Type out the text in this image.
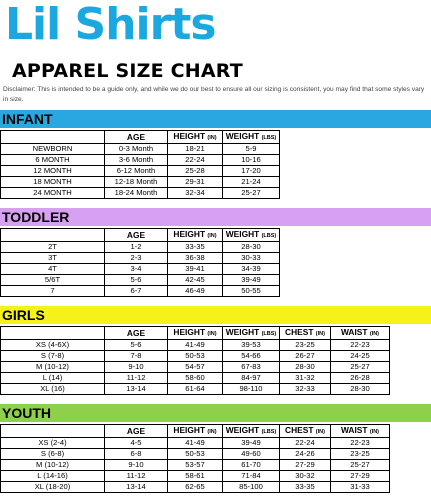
Lil Shirts
APPAREL SIZE CHART
Disclaimer: This is intended to be a guide only, and while we do our best to ensure all our sizing is consistent, you may find that some styles vary in size.
INFANT
	AGE	HEIGHT (IN)	WEIGHT (LBS)
NEWBORN	0-3 Month	18-21	5-9
6 MONTH	3-6 Month	22-24	10-16
12 MONTH	6-12 Month	25-28	17-20
18 MONTH	12-18 Month	29-31	21-24
24 MONTH	18-24 Month	32-34	25-27
TODDLER
	AGE	HEIGHT (IN)	WEIGHT (LBS)
2T	1-2	33-35	28-30
3T	2-3	36-38	30-33
4T	3-4	39-41	34-39
5/6T	5-6	42-45	39-49
7	6-7	46-49	50-55
GIRLS
	AGE	HEIGHT (IN)	WEIGHT (LBS)	CHEST (IN)	WAIST (IN)
XS (4-6X)	5-6	41-49	39-53	23-25	22-23
S (7-8)	7-8	50-53	54-66	26-27	24-25
M (10-12)	9-10	54-57	67-83	28-30	25-27
L (14)	11-12	58-60	84-97	31-32	26-28
XL (16)	13-14	61-64	98-110	32-33	28-30
YOUTH
	AGE	HEIGHT (IN)	WEIGHT (LBS)	CHEST (IN)	WAIST (IN)
XS (2-4)	4-5	41-49	39-49	22-24	22-23
S (6-8)	6-8	50-53	49-60	24-26	23-25
M (10-12)	9-10	53-57	61-70	27-29	25-27
L (14-16)	11-12	58-61	71-84	30-32	27-29
XL (18-20)	13-14	62-65	85-100	33-35	31-33
